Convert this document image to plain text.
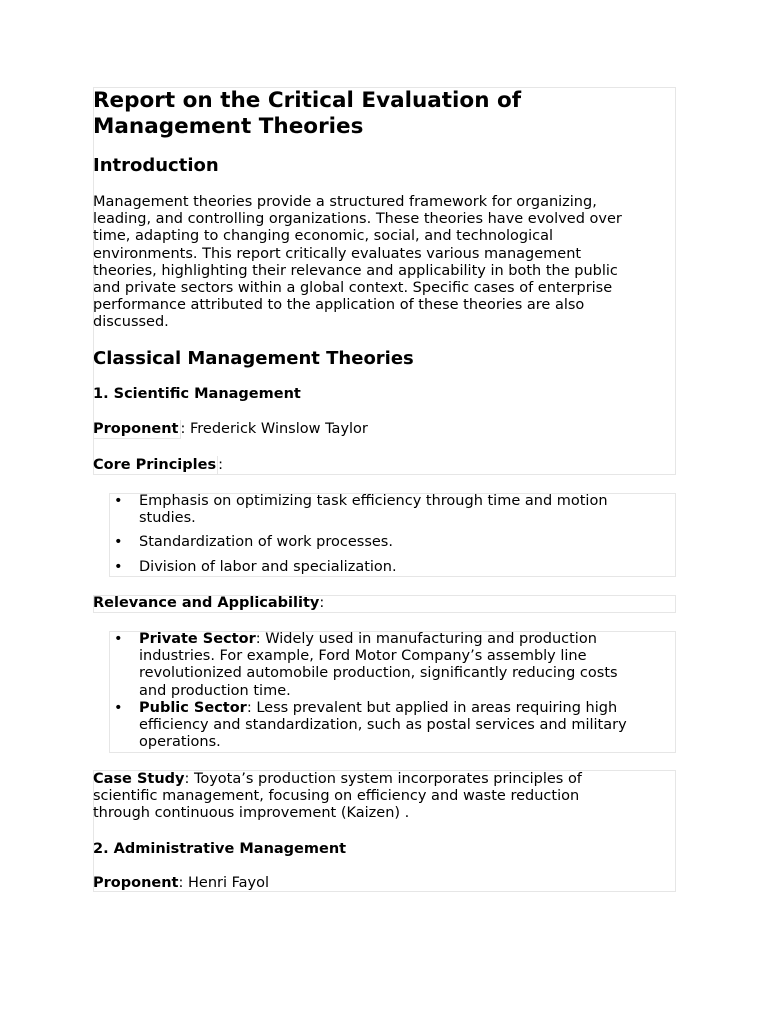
Report on the Critical Evaluation of
Management Theories
Introduction
Management theories provide a structured framework for organizing,
leading, and controlling organizations. These theories have evolved over
time, adapting to changing economic, social, and technological
environments. This report critically evaluates various management
theories, highlighting their relevance and applicability in both the public
and private sectors within a global context. Specific cases of enterprise
performance attributed to the application of these theories are also
discussed.
Classical Management Theories
1. Scientific Management
Proponent : Frederick Winslow Taylor
Core Principles :
• Emphasis on optimizing task efficiency through time and motion
studies.
• Standardization of work processes.
• Division of labor and specialization.
Relevance and Applicability:
• Private Sector: Widely used in manufacturing and production
industries. For example, Ford Motor Company’s assembly line
revolutionized automobile production, significantly reducing costs
and production time.
• Public Sector: Less prevalent but applied in areas requiring high
efficiency and standardization, such as postal services and military
operations.
Case Study: Toyota’s production system incorporates principles of
scientific management, focusing on efficiency and waste reduction
through continuous improvement (Kaizen) .
2. Administrative Management
Proponent: Henri Fayol
